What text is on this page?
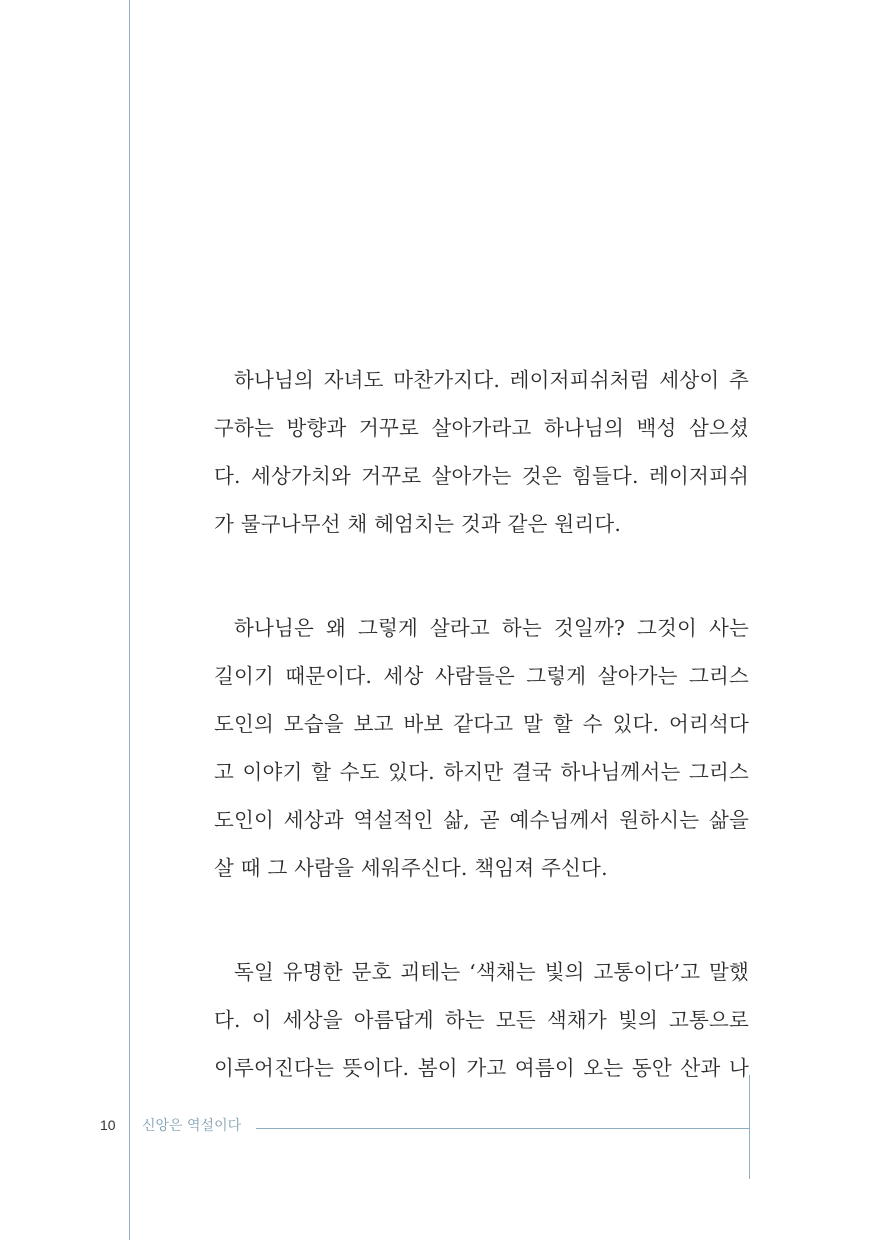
하나님의 자녀도 마찬가지다. 레이저피쉬처럼 세상이 추
구하는 방향과 거꾸로 살아가라고 하나님의 백성 삼으셨
다. 세상가치와 거꾸로 살아가는 것은 힘들다. 레이저피쉬
가 물구나무선 채 헤엄치는 것과 같은 원리다.

하나님은 왜 그렇게 살라고 하는 것일까? 그것이 사는
길이기 때문이다. 세상 사람들은 그렇게 살아가는 그리스
도인의 모습을 보고 바보 같다고 말 할 수 있다. 어리석다
고 이야기 할 수도 있다. 하지만 결국 하나님께서는 그리스
도인이 세상과 역설적인 삶, 곧 예수님께서 원하시는 삶을
살 때 그 사람을 세워주신다. 책임져 주신다.

독일 유명한 문호 괴테는 ‘색채는 빛의 고통이다’고 말했
다. 이 세상을 아름답게 하는 모든 색채가 빛의 고통으로
이루어진다는 뜻이다. 봄이 가고 여름이 오는 동안 산과 나

10 신앙은 역설이다
